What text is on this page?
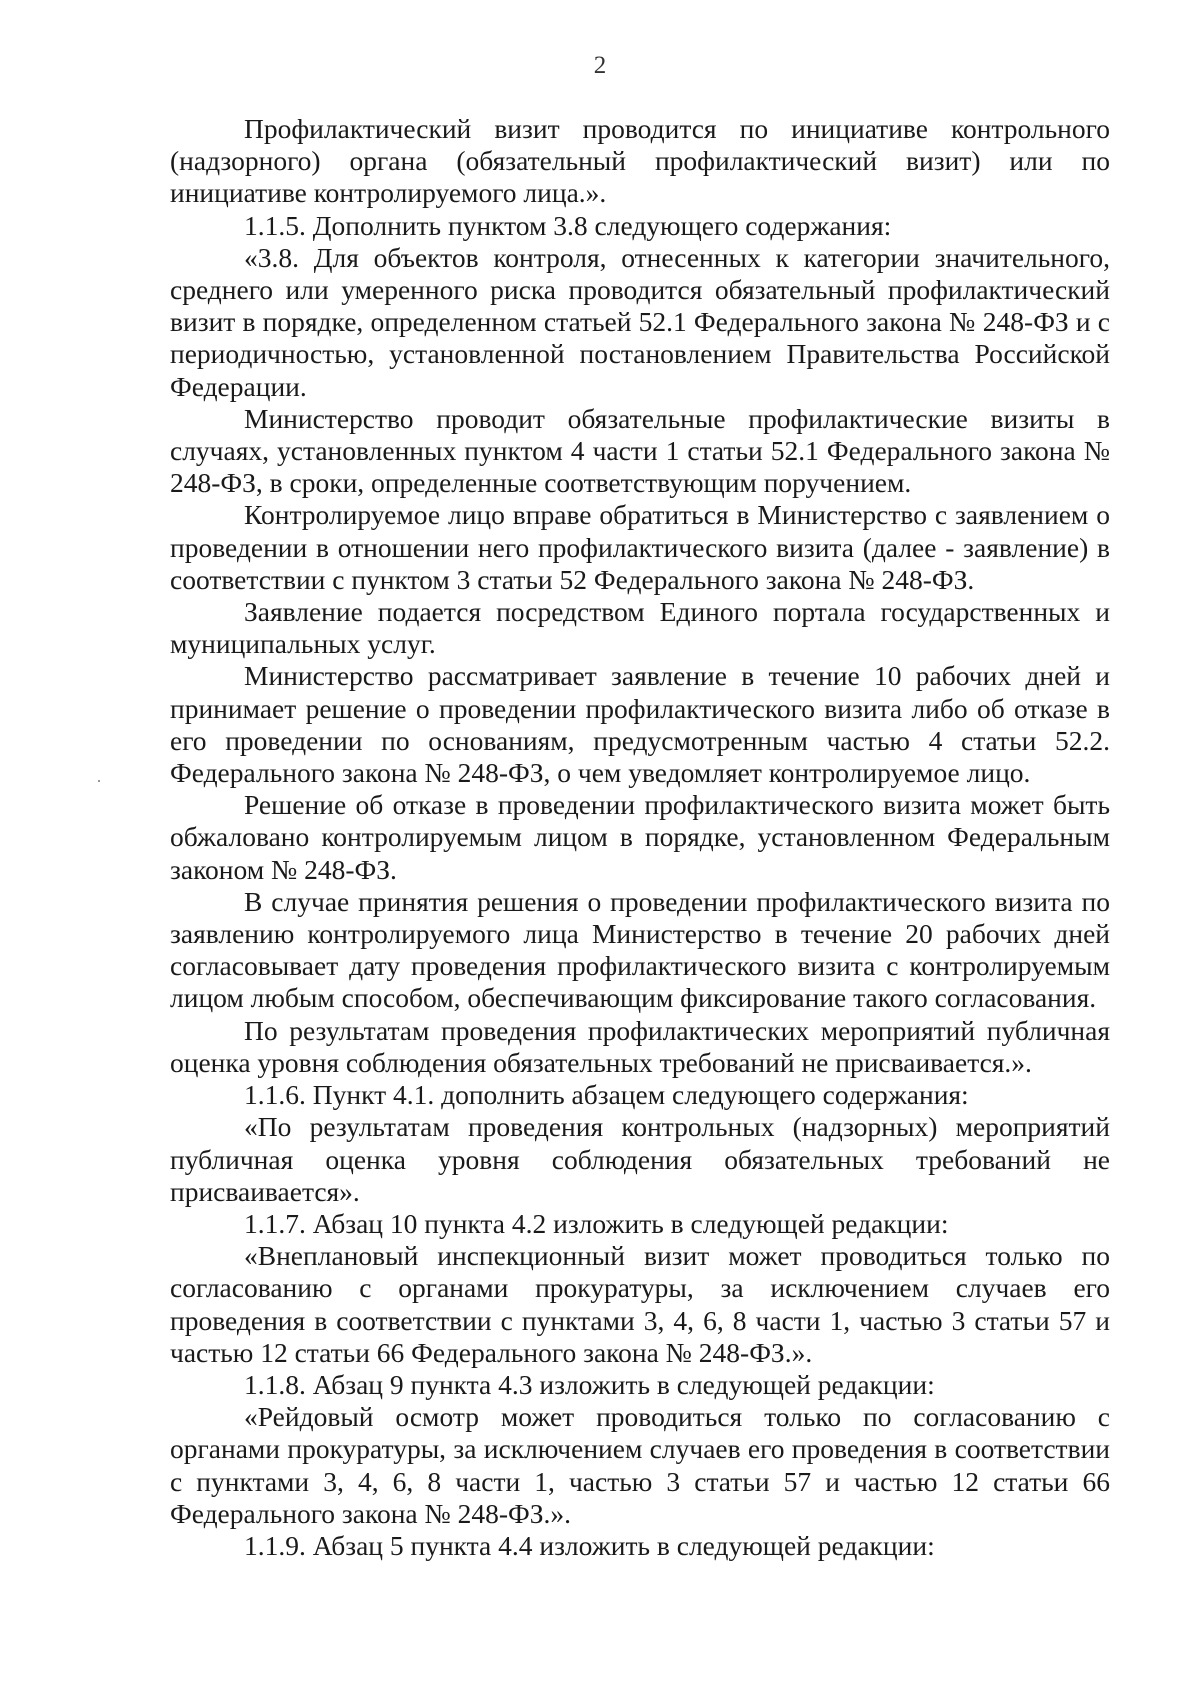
2

Профилактический визит проводится по инициативе контрольного (надзорного) органа (обязательный профилактический визит) или по инициативе контролируемого лица.».

1.1.5. Дополнить пунктом 3.8 следующего содержания:

«3.8. Для объектов контроля, отнесенных к категории значительного, среднего или умеренного риска проводится обязательный профилактический визит в порядке, определенном статьей 52.1 Федерального закона № 248-ФЗ и с периодичностью, установленной постановлением Правительства Российской Федерации.

Министерство проводит обязательные профилактические визиты в случаях, установленных пунктом 4 части 1 статьи 52.1 Федерального закона № 248-ФЗ, в сроки, определенные соответствующим поручением.

Контролируемое лицо вправе обратиться в Министерство с заявлением о проведении в отношении него профилактического визита (далее - заявление) в соответствии с пунктом 3 статьи 52 Федерального закона № 248-ФЗ.

Заявление подается посредством Единого портала государственных и муниципальных услуг.

Министерство рассматривает заявление в течение 10 рабочих дней и принимает решение о проведении профилактического визита либо об отказе в его проведении по основаниям, предусмотренным частью 4 статьи 52.2. Федерального закона № 248-ФЗ, о чем уведомляет контролируемое лицо.

Решение об отказе в проведении профилактического визита может быть обжаловано контролируемым лицом в порядке, установленном Федеральным законом № 248-ФЗ.

В случае принятия решения о проведении профилактического визита по заявлению контролируемого лица Министерство в течение 20 рабочих дней согласовывает дату проведения профилактического визита с контролируемым лицом любым способом, обеспечивающим фиксирование такого согласования.

По результатам проведения профилактических мероприятий публичная оценка уровня соблюдения обязательных требований не присваивается.».

1.1.6. Пункт 4.1. дополнить абзацем следующего содержания:

«По результатам проведения контрольных (надзорных) мероприятий публичная оценка уровня соблюдения обязательных требований не присваивается».

1.1.7. Абзац 10 пункта 4.2 изложить в следующей редакции:

«Внеплановый инспекционный визит может проводиться только по согласованию с органами прокуратуры, за исключением случаев его проведения в соответствии с пунктами 3, 4, 6, 8 части 1, частью 3 статьи 57 и частью 12 статьи 66 Федерального закона № 248-ФЗ.».

1.1.8. Абзац 9 пункта 4.3 изложить в следующей редакции:

«Рейдовый осмотр может проводиться только по согласованию с органами прокуратуры, за исключением случаев его проведения в соответствии с пунктами 3, 4, 6, 8 части 1, частью 3 статьи 57 и частью 12 статьи 66 Федерального закона № 248-ФЗ.».

1.1.9. Абзац 5 пункта 4.4 изложить в следующей редакции:
